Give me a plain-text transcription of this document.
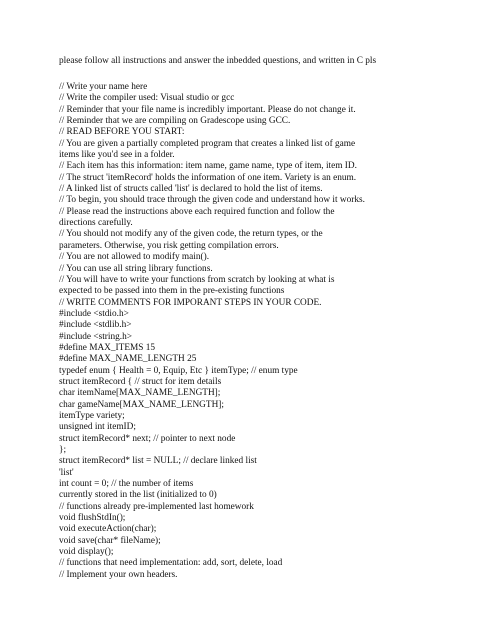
please follow all instructions and answer the inbedded questions, and written in C pls
// Write your name here
// Write the compiler used: Visual studio or gcc
// Reminder that your file name is incredibly important. Please do not change it.
// Reminder that we are compiling on Gradescope using GCC.
// READ BEFORE YOU START:
// You are given a partially completed program that creates a linked list of game
items like you'd see in a folder.
// Each item has this information: item name, game name, type of item, item ID.
// The struct 'itemRecord' holds the information of one item. Variety is an enum.
// A linked list of structs called 'list' is declared to hold the list of items.
// To begin, you should trace through the given code and understand how it works.
// Please read the instructions above each required function and follow the
directions carefully.
// You should not modify any of the given code, the return types, or the
parameters. Otherwise, you risk getting compilation errors.
// You are not allowed to modify main().
// You can use all string library functions.
// You will have to write your functions from scratch by looking at what is
expected to be passed into them in the pre-existing functions
// WRITE COMMENTS FOR IMPORANT STEPS IN YOUR CODE.
#include <stdio.h>
#include <stdlib.h>
#include <string.h>
#define MAX_ITEMS 15
#define MAX_NAME_LENGTH 25
typedef enum { Health = 0, Equip, Etc } itemType; // enum type
struct itemRecord { // struct for item details
char itemName[MAX_NAME_LENGTH];
char gameName[MAX_NAME_LENGTH];
itemType variety;
unsigned int itemID;
struct itemRecord* next; // pointer to next node
};
struct itemRecord* list = NULL; // declare linked list
'list'
int count = 0; // the number of items
currently stored in the list (initialized to 0)
// functions already pre-implemented last homework
void flushStdIn();
void executeAction(char);
void save(char* fileName);
void display();
// functions that need implementation: add, sort, delete, load
// Implement your own headers.
